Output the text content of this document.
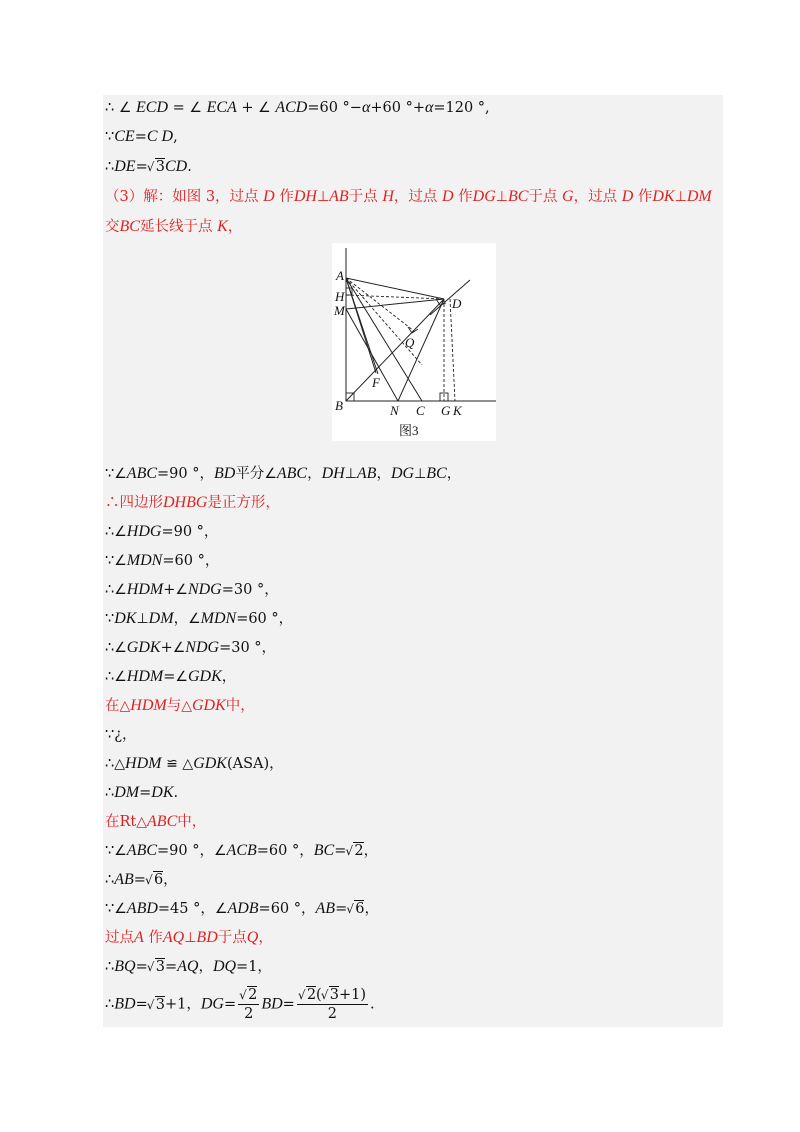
∴ ∠ ECD = ∠ ECA + ∠ ACD=60 °−α+60 °+α=120 °,
∵CE=C D,
∴DE= √ 3CD.
（3）解：如图 3，过点 D 作DH⊥AB于点 H，过点 D 作DG⊥BC于点 G，过点 D 作DK⊥DM
交BC延长线于点 K，
A
H
M
B	N C G K
D
Q
F
图3
∵∠ABC=90 °，BD平分∠ABC，DH⊥AB，DG⊥BC，
∴四边形DHBG是正方形，
∴∠HDG=90 °，
∵∠MDN=60 °，
∴∠HDM+∠NDG=30 °，
∵DK⊥DM，∠MDN=60 °，
∴∠GDK+∠NDG=30 °，
∴∠HDM=∠GDK，
在△HDM与△GDK中，
∵¿，
∴△HDM ≌ △GDK(ASA)，
∴DM=DK.
在Rt△ABC中，
∵∠ABC=90 °，∠ACB=60 °，BC= √ 2，
∴AB= √ 6，
∵∠ABD=45 °，∠ADB=60 °，AB= √ 6，
过点A 作AQ⊥BD于点Q，
∴BQ= √ 3=AQ，DQ=1，
∴BD= √ 3+1，$DG= \frac{√ 2}{2} BD= \frac{√ 2( √ 3+1)}{2}$ .
